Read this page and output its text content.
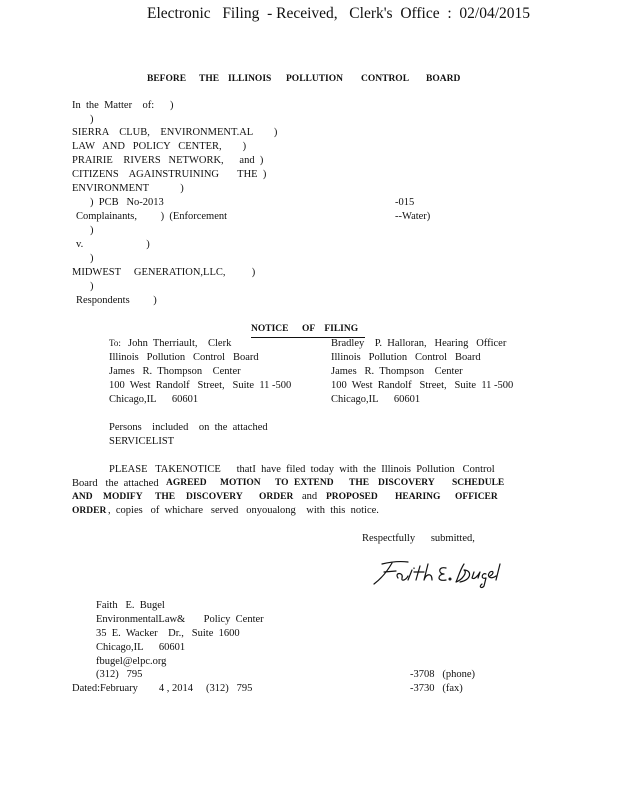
Electronic   Filing  - Received,   Clerk's  Office  :  02/04/2015
BEFORE THE ILLINOIS POLLUTION CONTROL BOARD
In  the  Matter    of:      )
)
SIERRA    CLUB,    ENVIRONMENT.AL        )
LAW   AND   POLICY   CENTER,        )
PRAIRIE    RIVERS   NETWORK,      and  )
CITIZENS    AGAINSTRUINING       THE  )
ENVIRONMENT            )
)  PCB   No-2013	-015
Complainants,         )  (Enforcement	--Water)
)
v.                        )
)
MIDWEST     GENERATION,LLC,          )
)
Respondents         )
NOTICE OF    FILING
To: John  Therriault,    Clerk
Illinois   Pollution   Control   Board
James   R.  Thompson    Center
100  West  Randolf   Street,   Suite  11 -500
Chicago,IL      60601
Bradley    P.  Halloran,   Hearing   Officer
Illinois   Pollution   Control   Board
James   R.  Thompson    Center
100  West  Randolf   Street,   Suite  11 -500
Chicago,IL      60601
Persons    included    on  the  attached
SERVICELIST
PLEASE   TAKENOTICE      thatI  have  filed  today  with  the  Illinois  Pollution   Control
Board   the  attached AGREED MOTION TO EXTEND THE DISCOVERY SCHEDULE
AND MODIFY THE DISCOVERY ORDER and PROPOSED HEARING OFFICER
ORDER ,  copies   of  whichare   served   onyoualong    with  this  notice.
Respectfully      submitted,
Faith   E.  Bugel
EnvironmentalLaw&       Policy  Center
35  E.  Wacker    Dr.,   Suite  1600
Chicago,IL      60601
fbugel@elpc.org
(312)   795	-3708   (phone)
Dated:February        4 , 2014 (312)   795	-3730   (fax)
